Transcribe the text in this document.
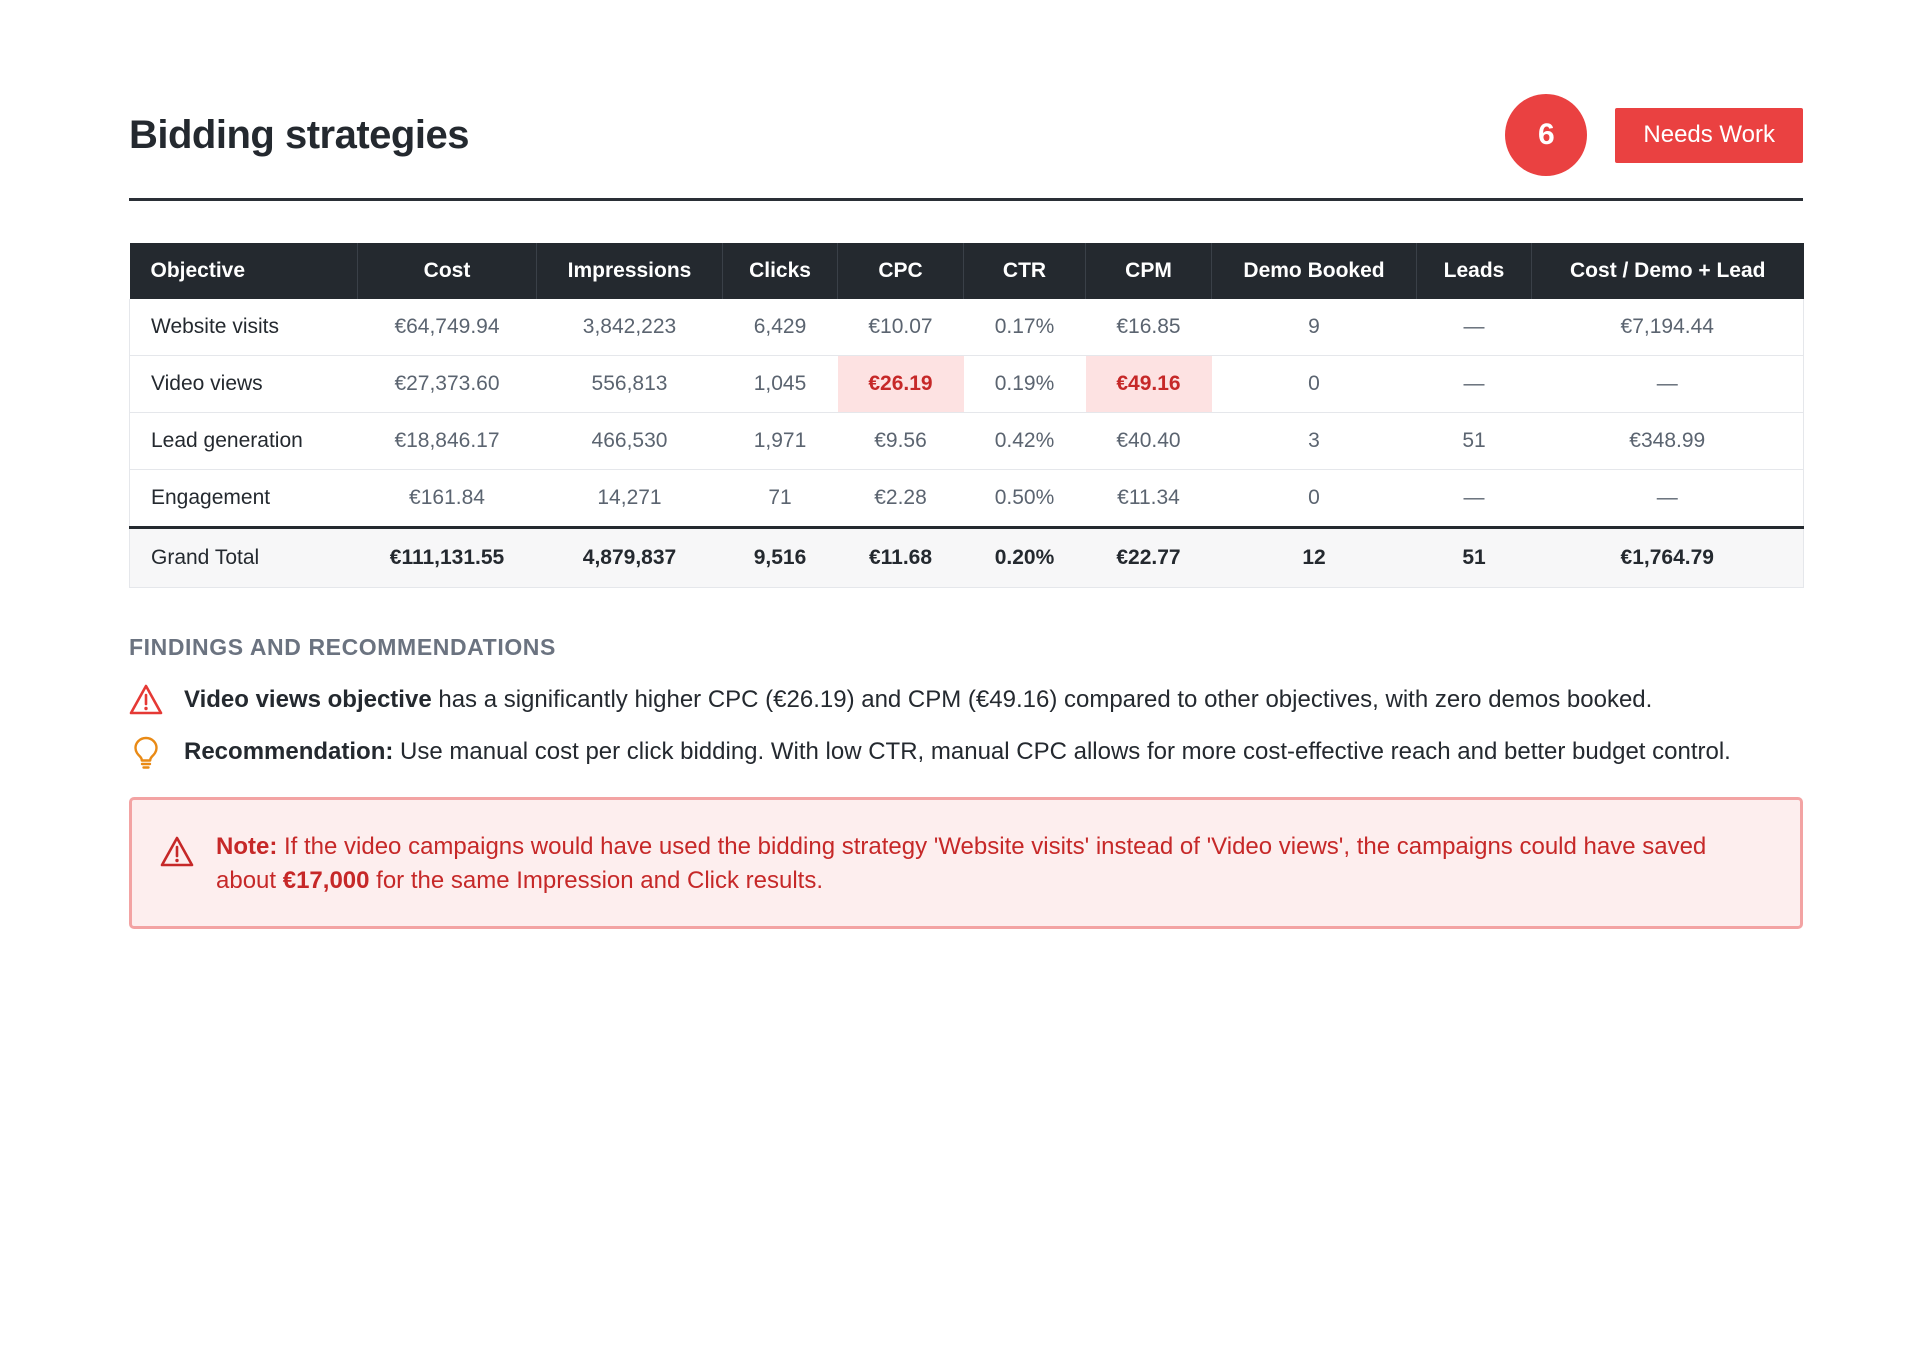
Bidding strategies	6	Needs Work
Objective	Cost	Impressions	Clicks	CPC	CTR	CPM	Demo Booked	Leads	Cost / Demo + Lead
Website visits	€64,749.94	3,842,223	6,429	€10.07	0.17%	€16.85	9	—	€7,194.44
Video views	€27,373.60	556,813	1,045	€26.19	0.19%	€49.16	0	—	—
Lead generation	€18,846.17	466,530	1,971	€9.56	0.42%	€40.40	3	51	€348.99
Engagement	€161.84	14,271	71	€2.28	0.50%	€11.34	0	—	—
Grand Total	€111,131.55	4,879,837	9,516	€11.68	0.20%	€22.77	12	51	€1,764.79
FINDINGS AND RECOMMENDATIONS
Video views objective has a significantly higher CPC (€26.19) and CPM (€49.16) compared to other objectives, with zero demos booked.
Recommendation: Use manual cost per click bidding. With low CTR, manual CPC allows for more cost-effective reach and better budget control.
Note: If the video campaigns would have used the bidding strategy 'Website visits' instead of 'Video views', the campaigns could have saved about €17,000 for the same Impression and Click results.
